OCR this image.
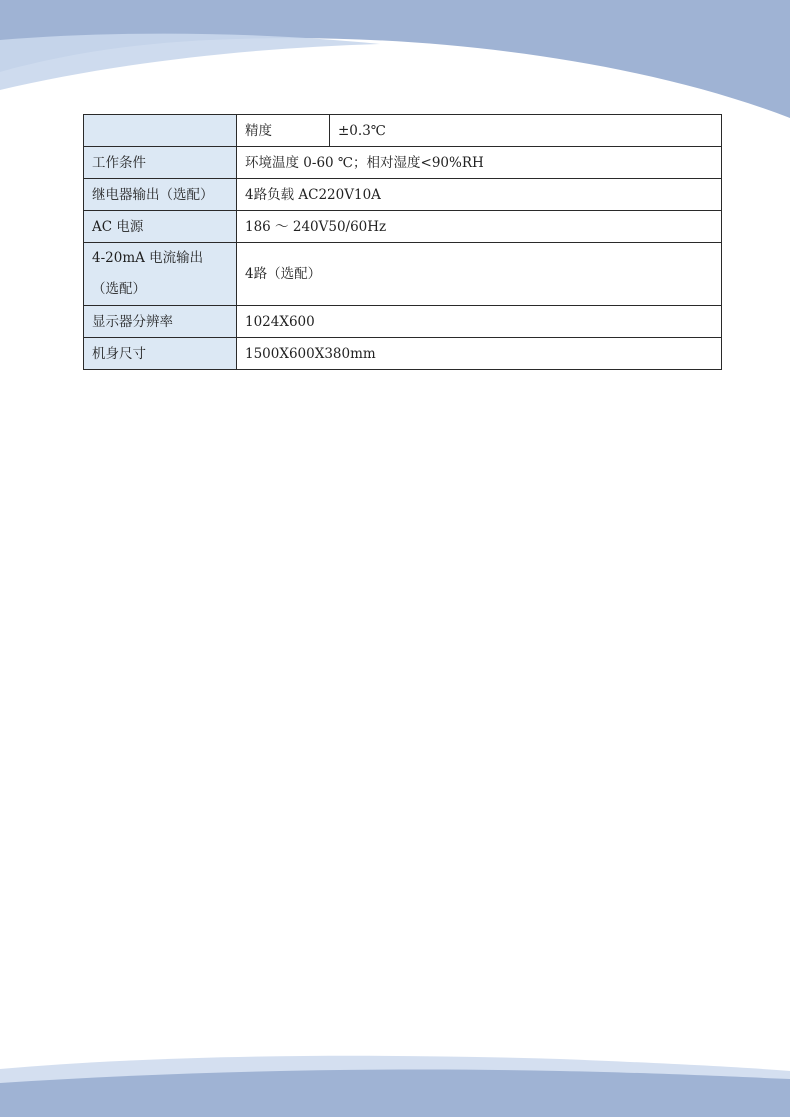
	精度	±0.3℃
工作条件	环境温度 0-60 ℃；相对湿度<90%RH	
继电器输出（选配）	4路负载 AC220V10A	
AC 电源	186 ～ 240V50/60Hz	
4-20mA 电流输出（选配）	4路（选配）	
显示器分辨率	1024X600	
机身尺寸	1500X600X380mm	
